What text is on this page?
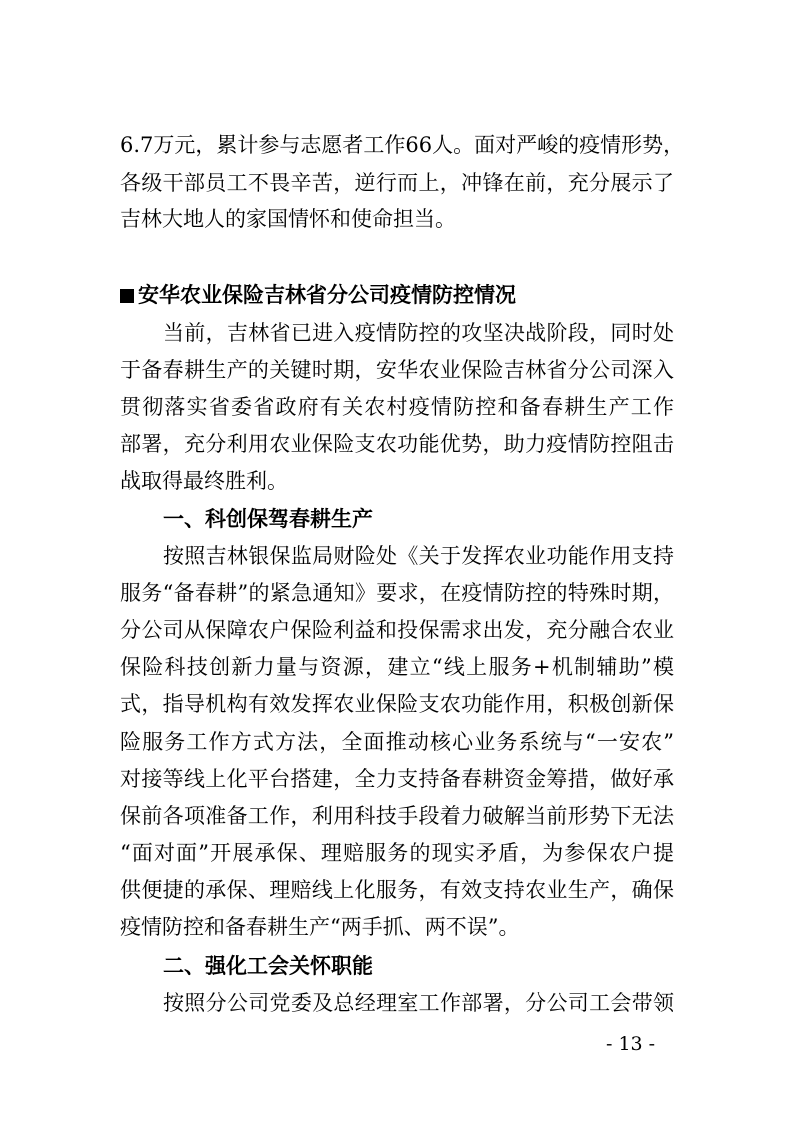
6.7万元，累计参与志愿者工作66人。面对严峻的疫情形势，
各级干部员工不畏辛苦，逆行而上，冲锋在前，充分展示了
吉林大地人的家国情怀和使命担当。
安华农业保险吉林省分公司疫情防控情况
当前，吉林省已进入疫情防控的攻坚决战阶段，同时处
于备春耕生产的关键时期，安华农业保险吉林省分公司深入
贯彻落实省委省政府有关农村疫情防控和备春耕生产工作
部署，充分利用农业保险支农功能优势，助力疫情防控阻击
战取得最终胜利。
一、科创保驾春耕生产
按照吉林银保监局财险处《关于发挥农业功能作用支持
服务“备春耕”的紧急通知》要求，在疫情防控的特殊时期，
分公司从保障农户保险利益和投保需求出发，充分融合农业
保险科技创新力量与资源，建立“线上服务+机制辅助”模
式，指导机构有效发挥农业保险支农功能作用，积极创新保
险服务工作方式方法，全面推动核心业务系统与“一安农”
对接等线上化平台搭建，全力支持备春耕资金筹措，做好承
保前各项准备工作，利用科技手段着力破解当前形势下无法
“面对面”开展承保、理赔服务的现实矛盾，为参保农户提
供便捷的承保、理赔线上化服务，有效支持农业生产，确保
疫情防控和备春耕生产“两手抓、两不误”。
二、强化工会关怀职能
按照分公司党委及总经理室工作部署，分公司工会带领
- 13 -
